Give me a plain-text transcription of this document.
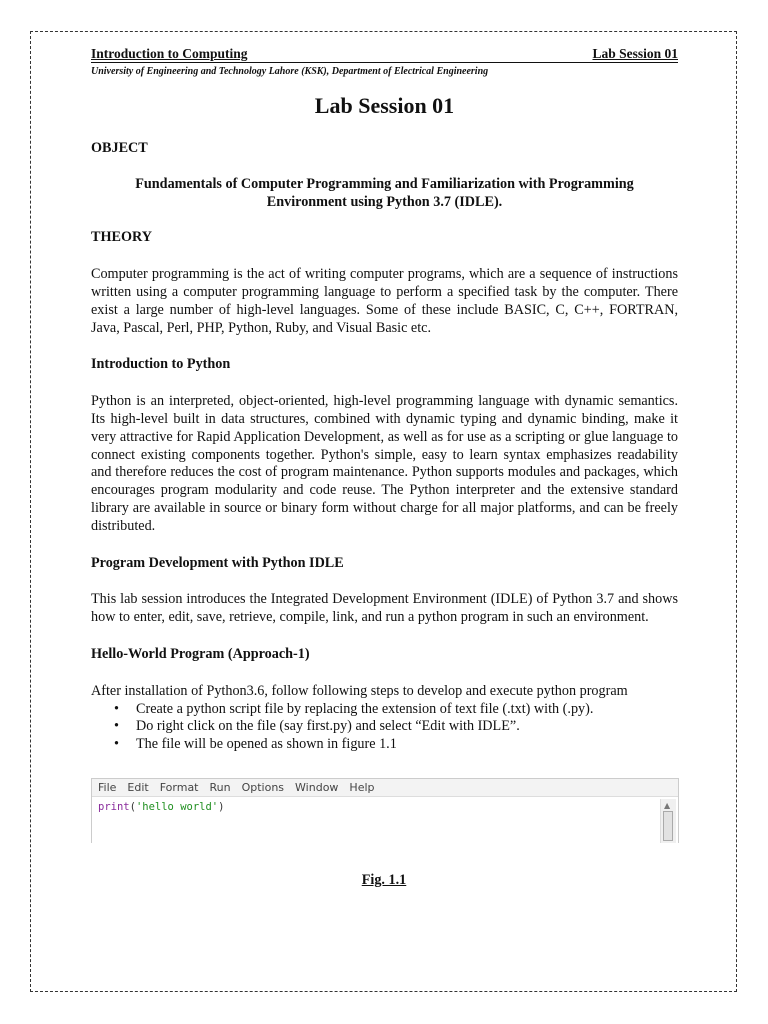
Introduction to Computing	Lab Session 01
University of Engineering and Technology Lahore (KSK), Department of Electrical Engineering
Lab Session 01
OBJECT

Fundamentals of Computer Programming and Familiarization with Programming Environment using Python 3.7 (IDLE).

THEORY

Computer programming is the act of writing computer programs, which are a sequence of instructions written using a computer programming language to perform a specified task by the computer. There exist a large number of high-level languages. Some of these include BASIC, C, C++, FORTRAN, Java, Pascal, Perl, PHP, Python, Ruby, and Visual Basic etc.

Introduction to Python

Python is an interpreted, object-oriented, high-level programming language with dynamic semantics. Its high-level built in data structures, combined with dynamic typing and dynamic binding, make it very attractive for Rapid Application Development, as well as for use as a scripting or glue language to connect existing components together. Python's simple, easy to learn syntax emphasizes readability and therefore reduces the cost of program maintenance. Python supports modules and packages, which encourages program modularity and code reuse. The Python interpreter and the extensive standard library are available in source or binary form without charge for all major platforms, and can be freely distributed.

Program Development with Python IDLE

This lab session introduces the Integrated Development Environment (IDLE) of Python 3.7 and shows how to enter, edit, save, retrieve, compile, link, and run a python program in such an environment.

Hello-World Program (Approach-1)

After installation of Python3.6, follow following steps to develop and execute python program

• Create a python script file by replacing the extension of text file (.txt) with (.py).
• Do right click on the file (say first.py) and select “Edit with IDLE”.
• The file will be opened as shown in figure 1.1
File Edit Format Run Options Window Help
print('hello world')	▲
Fig. 1.1
